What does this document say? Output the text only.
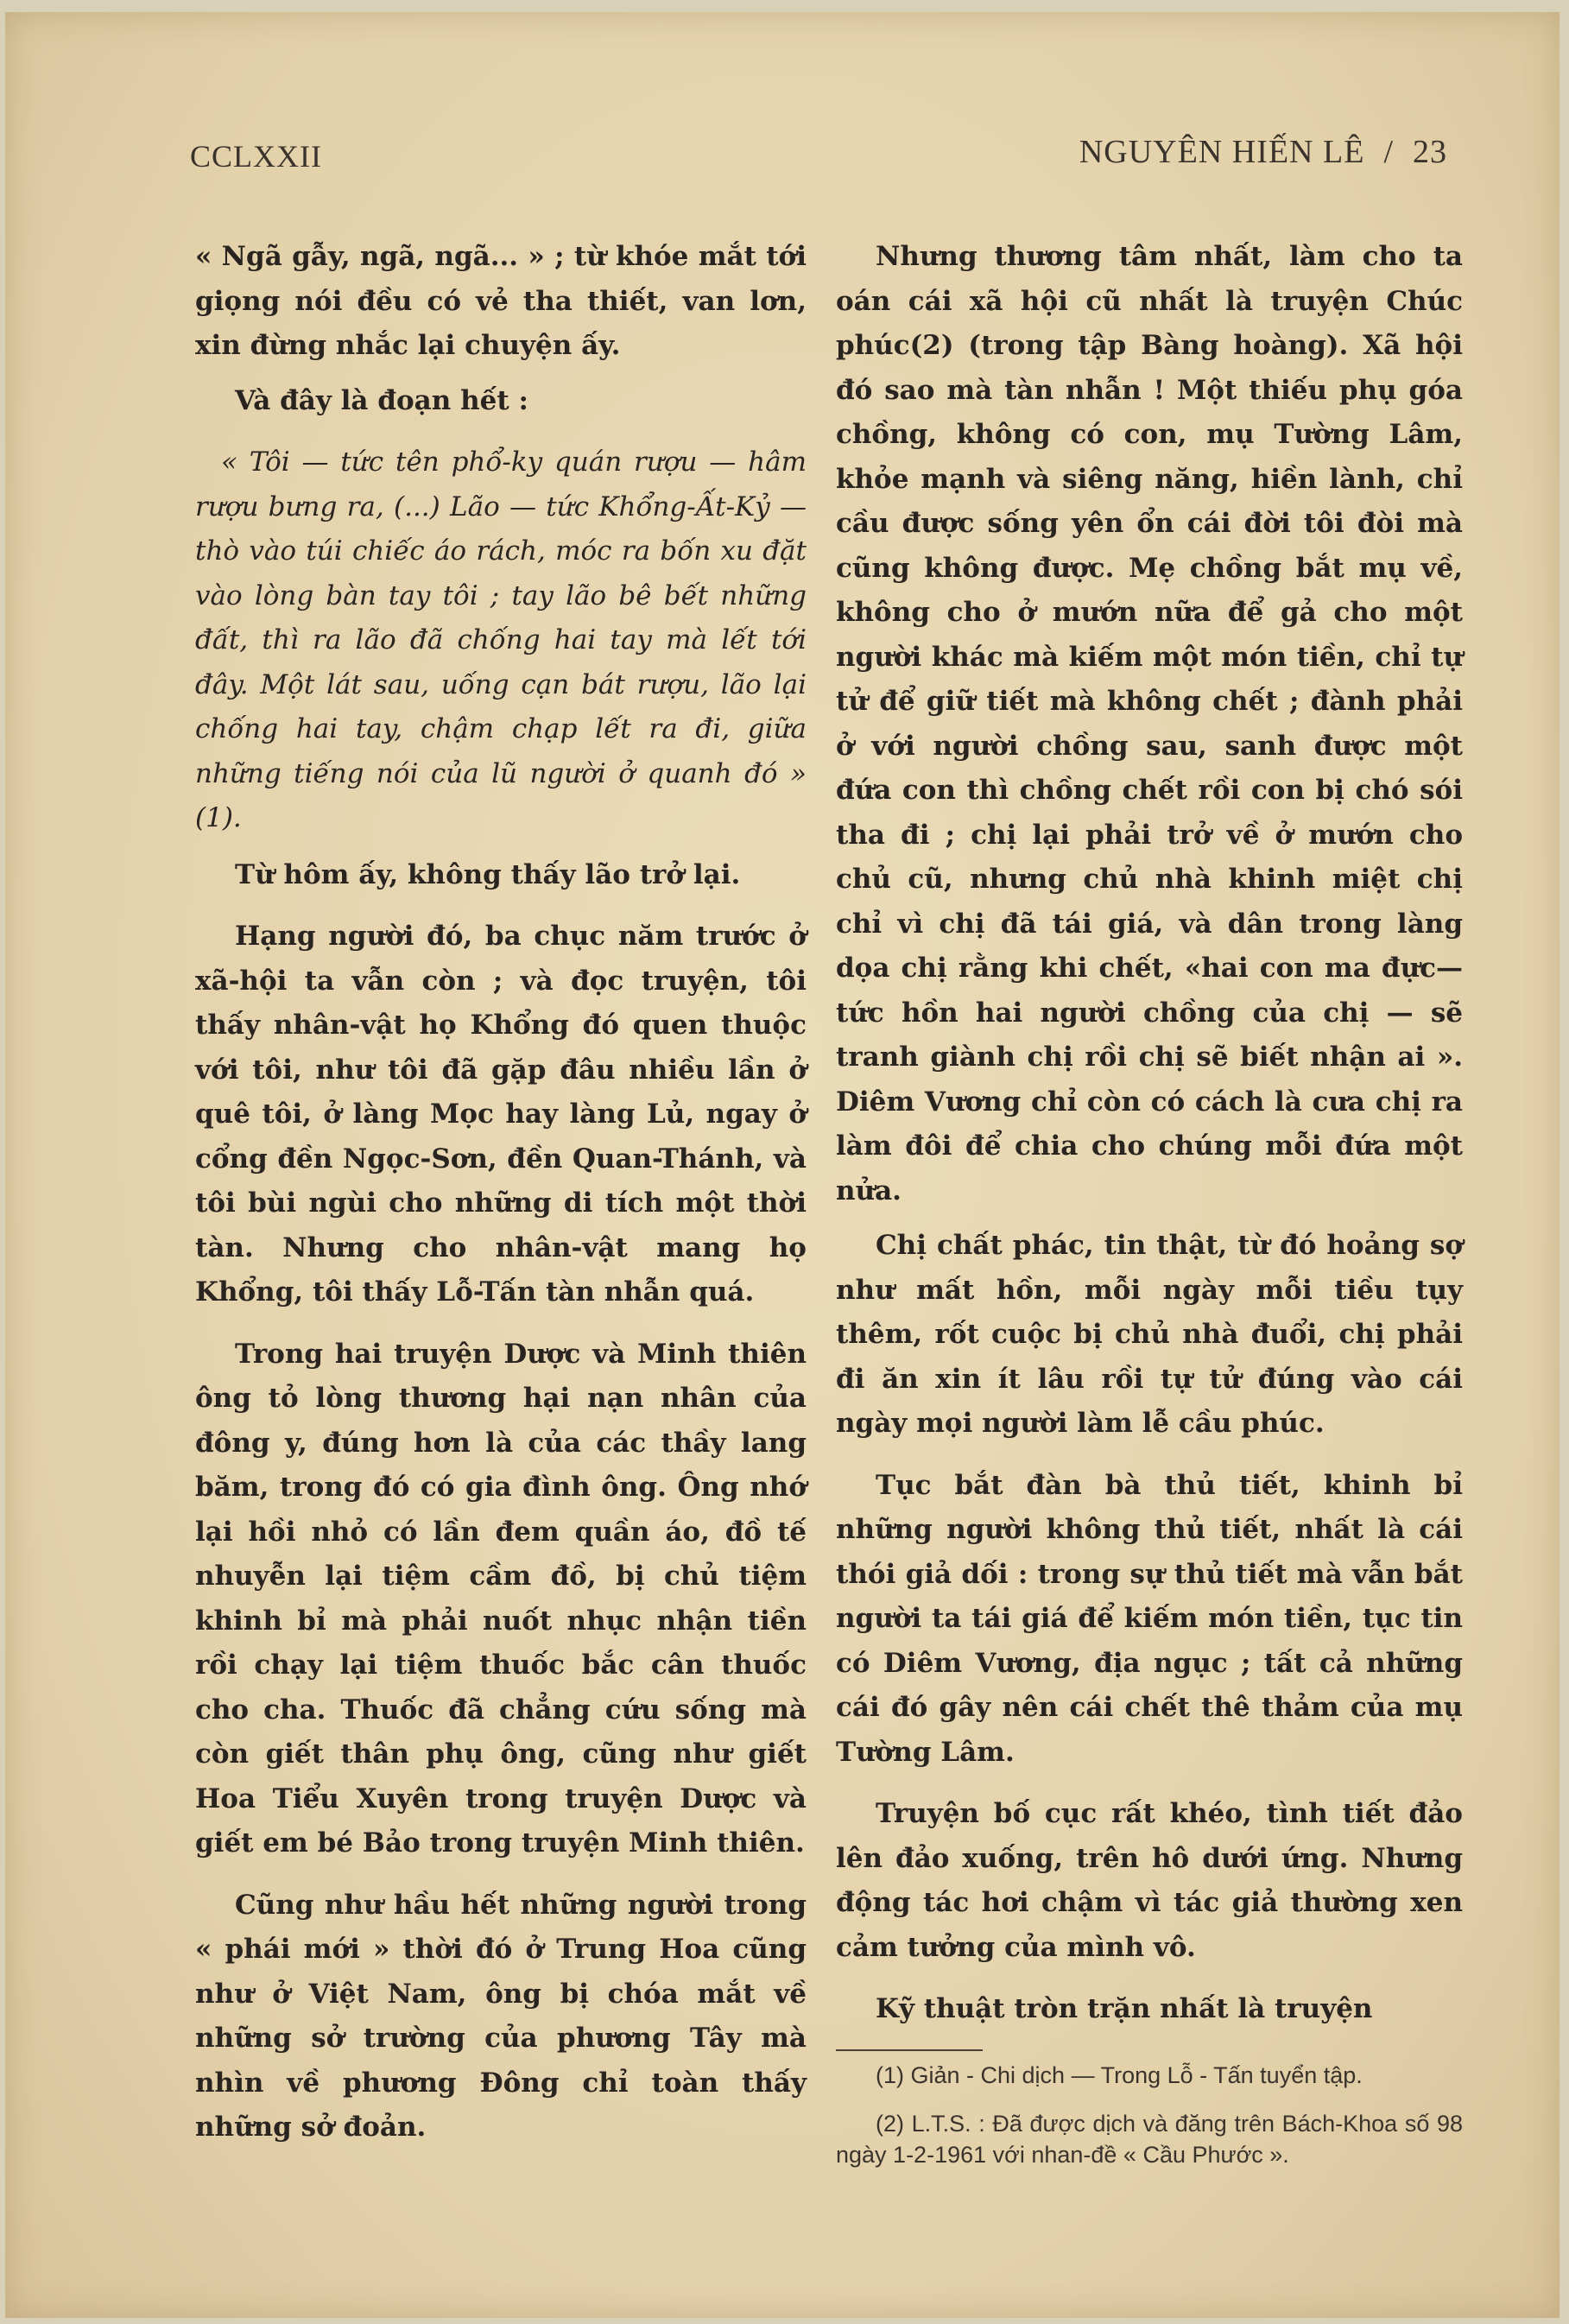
CCLXXII	NGUYÊN HIẾN LÊ / 23

« Ngã gẫy, ngã, ngã... » ; từ khóe mắt tới giọng nói đều có vẻ tha thiết, van lơn, xin đừng nhắc lại chuyện ấy.

Và đây là đoạn hết :

« Tôi — tức tên phổ-ky quán rượu — hâm rượu bưng ra, (...) Lão — tức Khổng-Ất-Kỷ — thò vào túi chiếc áo rách, móc ra bốn xu đặt vào lòng bàn tay tôi ; tay lão bê bết những đất, thì ra lão đã chống hai tay mà lết tới đây. Một lát sau, uống cạn bát rượu, lão lại chống hai tay, chậm chạp lết ra đi, giữa những tiếng nói của lũ người ở quanh đó » (1).

Từ hôm ấy, không thấy lão trở lại.

Hạng người đó, ba chục năm trước ở xã-hội ta vẫn còn ; và đọc truyện, tôi thấy nhân-vật họ Khổng đó quen thuộc với tôi, như tôi đã gặp đâu nhiều lần ở quê tôi, ở làng Mọc hay làng Lủ, ngay ở cổng đền Ngọc-Sơn, đền Quan-Thánh, và tôi bùi ngùi cho những di tích một thời tàn. Nhưng cho nhân-vật mang họ Khổng, tôi thấy Lỗ-Tấn tàn nhẫn quá.

Trong hai truyện Dược và Minh thiên ông tỏ lòng thương hại nạn nhân của đông y, đúng hơn là của các thầy lang băm, trong đó có gia đình ông. Ông nhớ lại hồi nhỏ có lần đem quần áo, đồ tế nhuyễn lại tiệm cầm đồ, bị chủ tiệm khinh bỉ mà phải nuốt nhục nhận tiền rồi chạy lại tiệm thuốc bắc cân thuốc cho cha. Thuốc đã chẳng cứu sống mà còn giết thân phụ ông, cũng như giết Hoa Tiểu Xuyên trong truyện Dược và giết em bé Bảo trong truyện Minh thiên.

Cũng như hầu hết những người trong « phái mới » thời đó ở Trung Hoa cũng như ở Việt Nam, ông bị chóa mắt về những sở trường của phương Tây mà nhìn về phương Đông chỉ toàn thấy những sở đoản.

Nhưng thương tâm nhất, làm cho ta oán cái xã hội cũ nhất là truyện Chúc phúc(2) (trong tập Bàng hoàng). Xã hội đó sao mà tàn nhẫn ! Một thiếu phụ góa chồng, không có con, mụ Tường Lâm, khỏe mạnh và siêng năng, hiền lành, chỉ cầu được sống yên ổn cái đời tôi đòi mà cũng không được. Mẹ chồng bắt mụ về, không cho ở mướn nữa để gả cho một người khác mà kiếm một món tiền, chỉ tự tử để giữ tiết mà không chết ; đành phải ở với người chồng sau, sanh được một đứa con thì chồng chết rồi con bị chó sói tha đi ; chị lại phải trở về ở mướn cho chủ cũ, nhưng chủ nhà khinh miệt chị chỉ vì chị đã tái giá, và dân trong làng dọa chị rằng khi chết, «hai con ma đực—tức hồn hai người chồng của chị — sẽ tranh giành chị rồi chị sẽ biết nhận ai ». Diêm Vương chỉ còn có cách là cưa chị ra làm đôi để chia cho chúng mỗi đứa một nửa.

Chị chất phác, tin thật, từ đó hoảng sợ như mất hồn, mỗi ngày mỗi tiều tụy thêm, rốt cuộc bị chủ nhà đuổi, chị phải đi ăn xin ít lâu rồi tự tử đúng vào cái ngày mọi người làm lễ cầu phúc.

Tục bắt đàn bà thủ tiết, khinh bỉ những người không thủ tiết, nhất là cái thói giả dối : trong sự thủ tiết mà vẫn bắt người ta tái giá để kiếm món tiền, tục tin có Diêm Vương, địa ngục ; tất cả những cái đó gây nên cái chết thê thảm của mụ Tường Lâm.

Truyện bố cục rất khéo, tình tiết đảo lên đảo xuống, trên hô dưới ứng. Nhưng động tác hơi chậm vì tác giả thường xen cảm tưởng của mình vô.

Kỹ thuật tròn trặn nhất là truyện

(1) Giản - Chi dịch — Trong Lỗ - Tấn tuyển tập.

(2) L.T.S. : Đã được dịch và đăng trên Bách-Khoa số 98 ngày 1-2-1961 với nhan-đề « Cầu Phước ».
